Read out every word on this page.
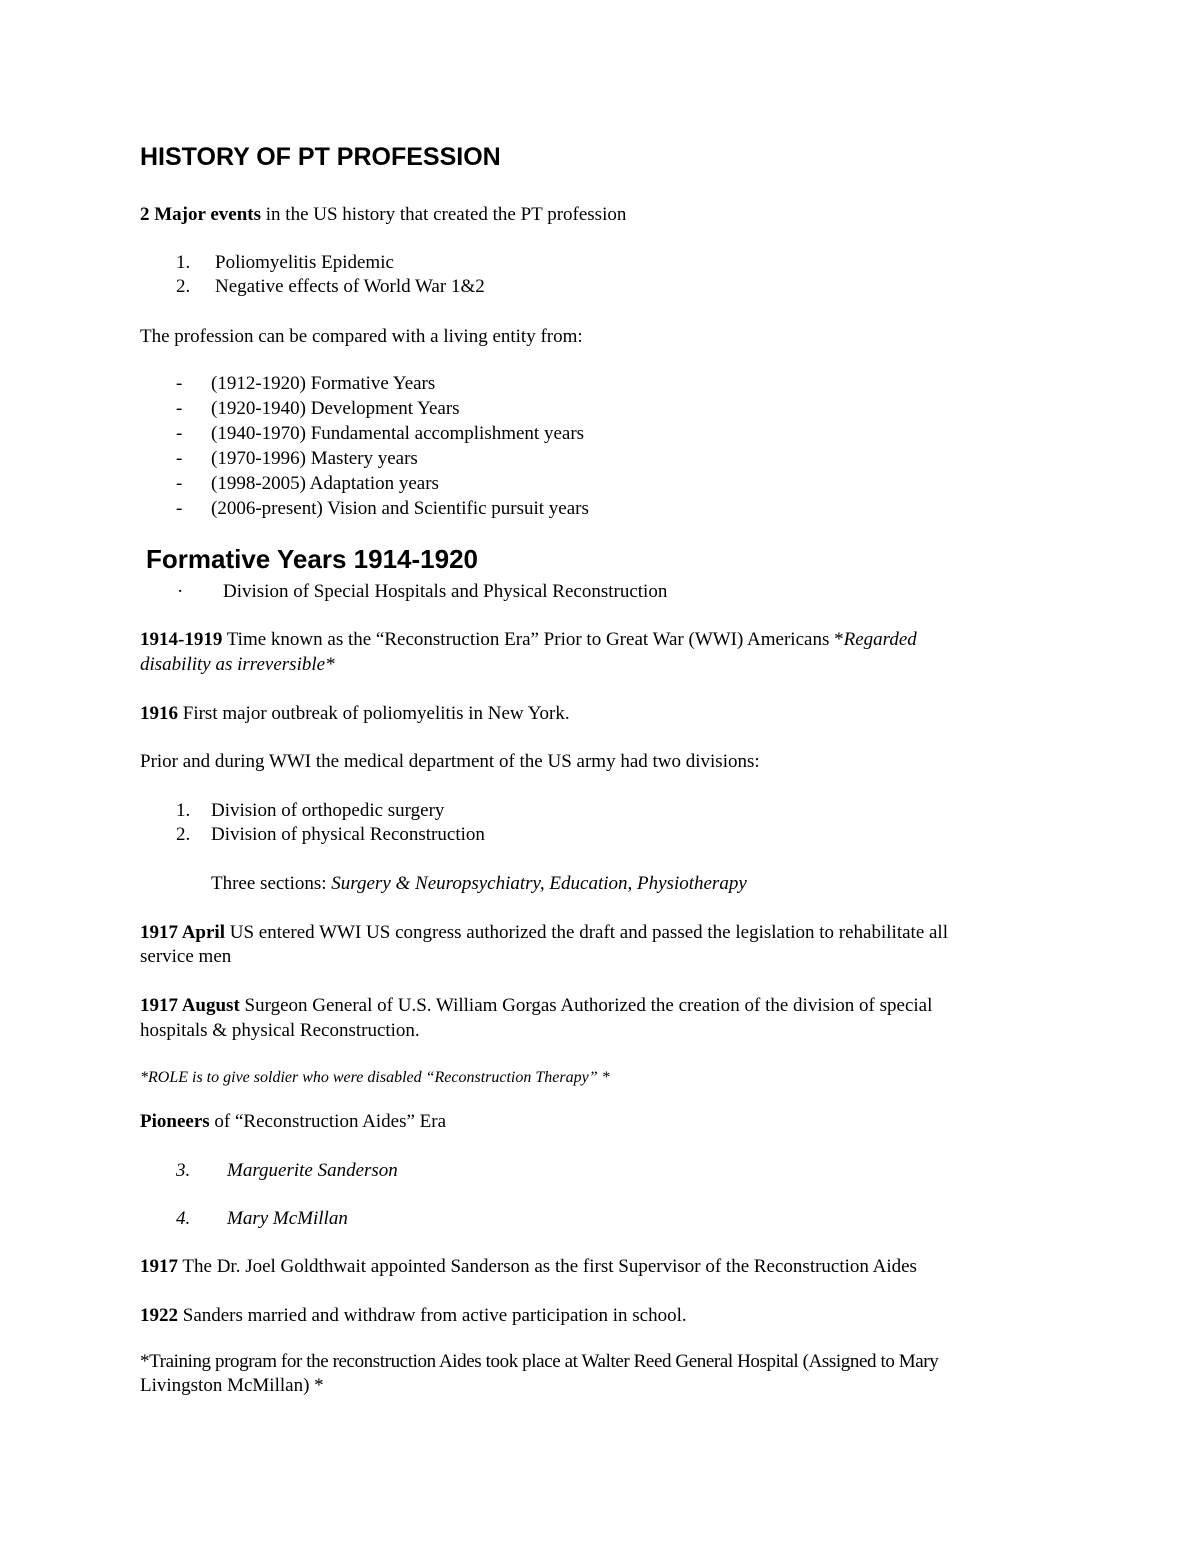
HISTORY OF PT PROFESSION
2 Major events in the US history that created the PT profession
1. Poliomyelitis Epidemic
2. Negative effects of World War 1&2
The profession can be compared with a living entity from:
- (1912-1920) Formative Years
- (1920-1940) Development Years
- (1940-1970) Fundamental accomplishment years
- (1970-1996) Mastery years
- (1998-2005) Adaptation years
- (2006-present) Vision and Scientific pursuit years
Formative Years 1914-1920
· Division of Special Hospitals and Physical Reconstruction
1914-1919 Time known as the “Reconstruction Era” Prior to Great War (WWI) Americans *Regarded
disability as irreversible*
1916 First major outbreak of poliomyelitis in New York.
Prior and during WWI the medical department of the US army had two divisions:
1. Division of orthopedic surgery
2. Division of physical Reconstruction
Three sections: Surgery & Neuropsychiatry, Education, Physiotherapy
1917 April US entered WWI US congress authorized the draft and passed the legislation to rehabilitate all
service men
1917 August Surgeon General of U.S. William Gorgas Authorized the creation of the division of special
hospitals & physical Reconstruction.
*ROLE is to give soldier who were disabled “Reconstruction Therapy” *
Pioneers of “Reconstruction Aides” Era
3. Marguerite Sanderson
4. Mary McMillan
1917 The Dr. Joel Goldthwait appointed Sanderson as the first Supervisor of the Reconstruction Aides
1922 Sanders married and withdraw from active participation in school.
*Training program for the reconstruction Aides took place at Walter Reed General Hospital (Assigned to Mary
Livingston McMillan) *
